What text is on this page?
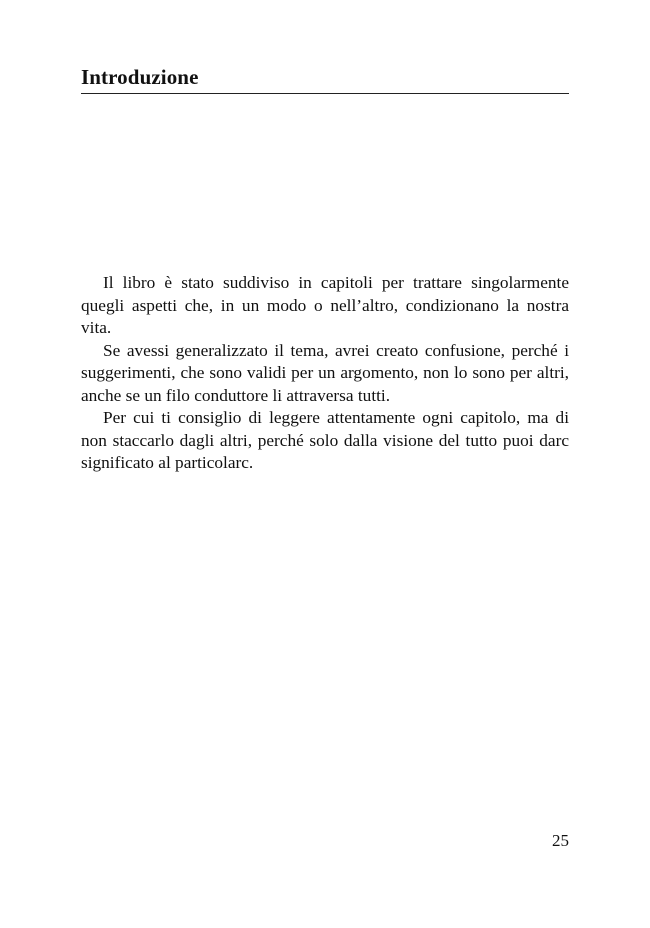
Introduzione

Il libro è stato suddiviso in capitoli per trattare singolarmente quegli aspetti che, in un modo o nell’altro, condizionano la nostra vita.

Se avessi generalizzato il tema, avrei creato confusione, perché i suggerimenti, che sono validi per un argomento, non lo sono per altri, anche se un filo conduttore li attraversa tutti.

Per cui ti consiglio di leggere attentamente ogni capitolo, ma di non staccarlo dagli altri, perché solo dalla visione del tutto puoi darc significato al particolarc.

25
